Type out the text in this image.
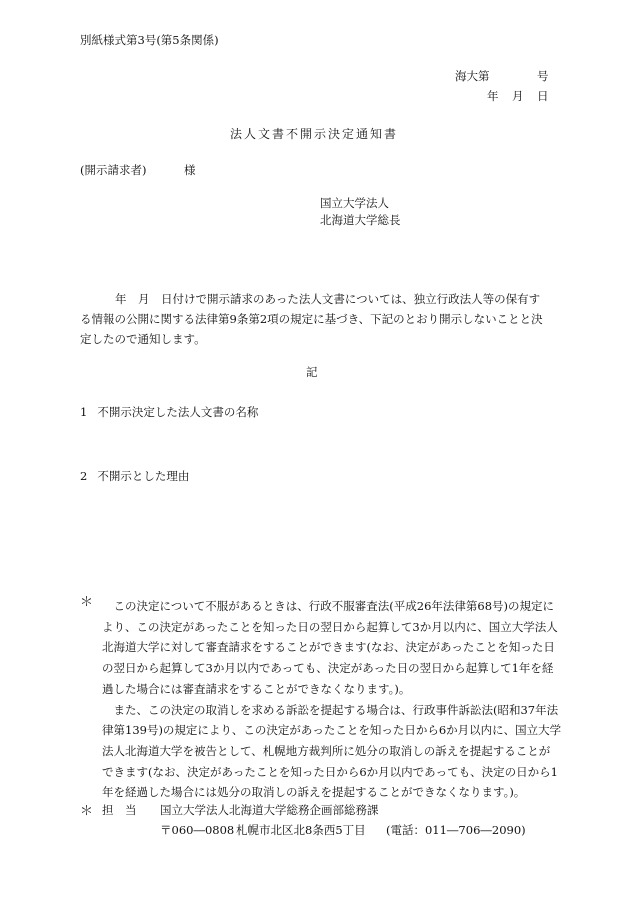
別紙様式第3号(第5条関係)
海大第	号
年 月 日
法人文書不開示決定通知書
(開示請求者)	様
国立大学法人
北海道大学総長

年　月　日付けで開示請求のあった法人文書については、独立行政法人等の保有す

る情報の公開に関する法律第9条第2項の規定に基づき、下記のとおり開示しないことと決

定したので通知します。

記
1 不開示決定した法人文書の名称
2 不開示とした理由
＊	この決定について不服があるときは、行政不服審査法(平成26年法律第68号)の規定に

より、この決定があったことを知った日の翌日から起算して3か月以内に、国立大学法人

北海道大学に対して審査請求をすることができます(なお、決定があったことを知った日

の翌日から起算して3か月以内であっても、決定があった日の翌日から起算して1年を経

過した場合には審査請求をすることができなくなります。)。

また、この決定の取消しを求める訴訟を提起する場合は、行政事件訴訟法(昭和37年法

律第139号)の規定により、この決定があったことを知った日から6か月以内に、国立大学

法人北海道大学を被告として、札幌地方裁判所に処分の取消しの訴えを提起することが

できます(なお、決定があったことを知った日から6か月以内であっても、決定の日から1

年を経過した場合には処分の取消しの訴えを提起することができなくなります。)。

＊ 担　当 国立大学法人北海道大学総務企画部総務課
〒060―0808 札幌市北区北8条西5丁目 (電話：011―706―2090)
